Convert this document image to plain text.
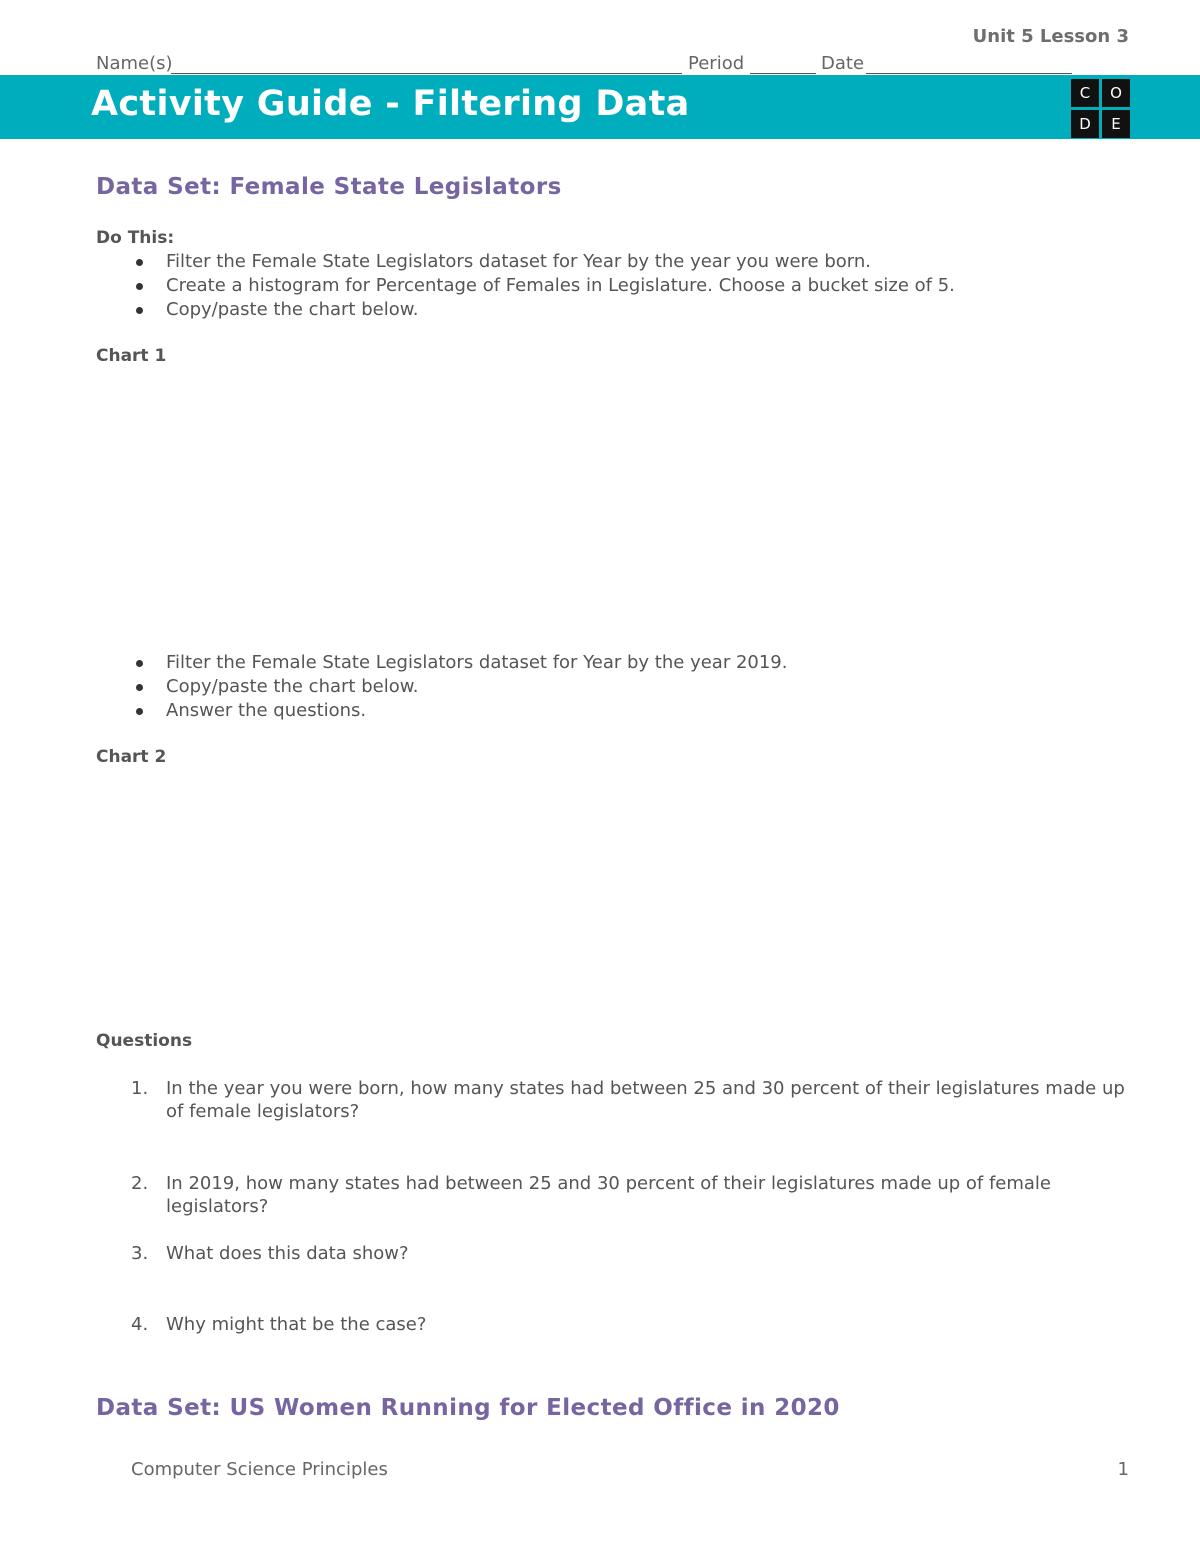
Unit 5 Lesson 3
Name(s)	Period	Date
Activity Guide - Filtering Data	C	O
D	E
Data Set: Female State Legislators
Do This:
Filter the Female State Legislators dataset for Year by the year you were born.
Create a histogram for Percentage of Females in Legislature. Choose a bucket size of 5.
Copy/paste the chart below.
Chart 1
Filter the Female State Legislators dataset for Year by the year 2019.
Copy/paste the chart below.
Answer the questions.
Chart 2
Questions
1. In the year you were born, how many states had between 25 and 30 percent of their legislatures made up of female legislators?
2. In 2019, how many states had between 25 and 30 percent of their legislatures made up of female legislators?
3. What does this data show?
4. Why might that be the case?
Data Set: US Women Running for Elected Office in 2020
Computer Science Principles	1
